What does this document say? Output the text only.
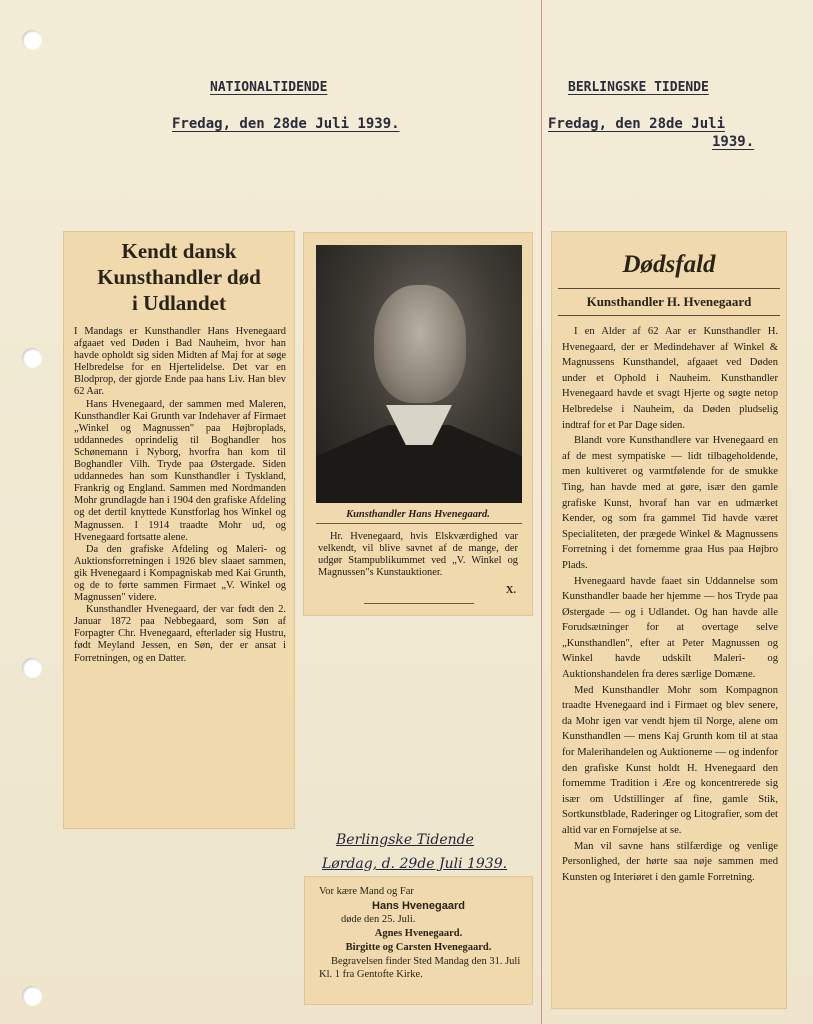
NATIONALTIDENDE
Fredag, den 28de Juli 1939.
BERLINGSKE TIDENDE
Fredag, den 28de Juli
1939.
Kendt dansk
Kunsthandler død
i Udlandet

I Mandags er Kunsthandler Hans Hvenegaard afgaaet ved Døden i Bad Nauheim, hvor han havde opholdt sig siden Midten af Maj for at søge Helbredelse for en Hjertelidelse. Det var en Blodprop, der gjorde Ende paa hans Liv. Han blev 62 Aar.

Hans Hvenegaard, der sammen med Maleren, Kunsthandler Kai Grunth var Indehaver af Firmaet „Winkel og Magnussen" paa Højbroplads, uddannedes oprindelig til Boghandler hos Schønemann i Nyborg, hvorfra han kom til Boghandler Vilh. Tryde paa Østergade. Siden uddannedes han som Kunsthandler i Tyskland, Frankrig og England. Sammen med Nordmanden Mohr grundlagde han i 1904 den grafiske Afdeling og det dertil knyttede Kunstforlag hos Winkel og Magnussen. I 1914 traadte Mohr ud, og Hvenegaard fortsatte alene.

Da den grafiske Afdeling og Maleri- og Auktionsforretningen i 1926 blev slaaet sammen, gik Hvenegaard i Kompagniskab med Kai Grunth, og de to førte sammen Firmaet „V. Winkel og Magnussen" videre.

Kunsthandler Hvenegaard, der var født den 2. Januar 1872 paa Nebbegaard, som Søn af Forpagter Chr. Hvenegaard, efterlader sig Hustru, født Meyland Jessen, en Søn, der er ansat i Forretningen, og en Datter.

Kunsthandler Hans Hvenegaard.
Hr. Hvenegaard, hvis Elskværdighed var velkendt, vil blive savnet af de mange, der udgør Stampublikummet ved „V. Winkel og Magnussen"s Kunstauktioner.
X.
Berlingske Tidende
Lørdag, d. 29de Juli 1939.
Vor kære Mand og Far
Hans Hvenegaard
døde den 25. Juli.
Agnes Hvenegaard.
Birgitte og Carsten Hvenegaard.
Begravelsen finder Sted Mandag den 31. Juli Kl. 1 fra Gentofte Kirke.
Dødsfald
Kunsthandler H. Hvenegaard

I en Alder af 62 Aar er Kunsthandler H. Hvenegaard, der er Medindehaver af Winkel & Magnussens Kunsthandel, afgaaet ved Døden under et Ophold i Nauheim. Kunsthandler Hvenegaard havde et svagt Hjerte og søgte netop Helbredelse i Nauheim, da Døden pludselig indtraf for et Par Dage siden.

Blandt vore Kunsthandlere var Hvenegaard en af de mest sympatiske — lidt tilbageholdende, men kultiveret og varmtfølende for de smukke Ting, han havde med at gøre, især den gamle grafiske Kunst, hvoraf han var en udmærket Kender, og som fra gammel Tid havde været Specialiteten, der prægede Winkel & Magnussens Forretning i det fornemme graa Hus paa Højbro Plads.

Hvenegaard havde faaet sin Uddannelse som Kunsthandler baade her hjemme — hos Tryde paa Østergade — og i Udlandet. Og han havde alle Forudsætninger for at overtage selve „Kunsthandlen", efter at Peter Magnussen og Winkel havde udskilt Maleri- og Auktionshandelen fra deres særlige Domæne.

Med Kunsthandler Mohr som Kompagnon traadte Hvenegaard ind i Firmaet og blev senere, da Mohr igen var vendt hjem til Norge, alene om Kunsthandlen — mens Kaj Grunth kom til at staa for Malerihandelen og Auktionerne — og indenfor den grafiske Kunst holdt H. Hvenegaard den fornemme Tradition i Ære og koncentrerede sig især om Udstillinger af fine, gamle Stik, Sortkunstblade, Raderinger og Litografier, som det altid var en Fornøjelse at se.

Man vil savne hans stilfærdige og venlige Personlighed, der hørte saa nøje sammen med Kunsten og Interiøret i den gamle Forretning.
